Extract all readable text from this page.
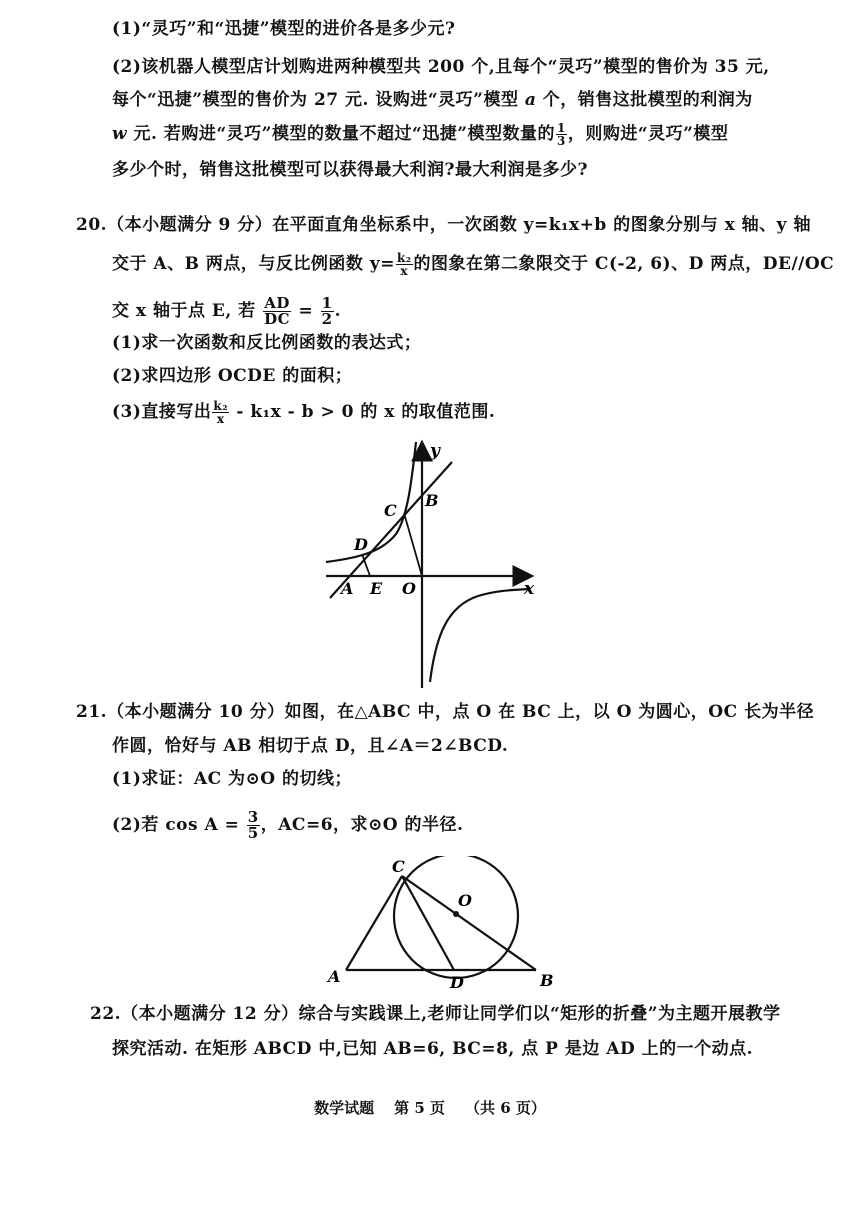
(1)“灵巧”和“迅捷”模型的进价各是多少元?
(2)该机器人模型店计划购进两种模型共 200 个,且每个“灵巧”模型的售价为 35 元,
每个“迅捷”模型的售价为 27 元. 设购进“灵巧”模型 a 个，销售这批模型的利润为
w 元. 若购进“灵巧”模型的数量不超过“迅捷”模型数量的 $\frac{1}{3}$ ，则购进“灵巧”模型
多少个时，销售这批模型可以获得最大利润?最大利润是多少?
20.（本小题满分 9 分）在平面直角坐标系中，一次函数 y=k₁x+b 的图象分别与 x 轴、y 轴
交于 A、B 两点，与反比例函数 $y= \frac{\text{k₂}}{x}$ 的图象在第二象限交于 C(-2, 6)、D 两点，DE//OC
交 x 轴于点 E, 若 $\frac{AD}{DC} = \frac{1}{2}$ .
(1)求一次函数和反比例函数的表达式；
(2)求四边形 OCDE 的面积；
(3)直接写出 $\frac{\text{k₂}}{x} - k_1x - b > 0$ 的 x 的取值范围.
y
x
B
C
D
A E O
21.（本小题满分 10 分）如图，在△ABC 中，点 O 在 BC 上，以 O 为圆心，OC 长为半径
作圆，恰好与 AB 相切于点 D，且∠A＝2∠BCD.
(1)求证：AC 为⊙O 的切线；
(2)若 $\cos A = \frac{3}{5}$ ，AC=6，求⊙O 的半径.
C
O
A	D	B
22.（本小题满分 12 分）综合与实践课上,老师让同学们以“矩形的折叠”为主题开展教学
探究活动. 在矩形 ABCD 中,已知 AB=6, BC=8, 点 P 是边 AD 上的一个动点.
数学试题 第 5 页 （共 6 页）
